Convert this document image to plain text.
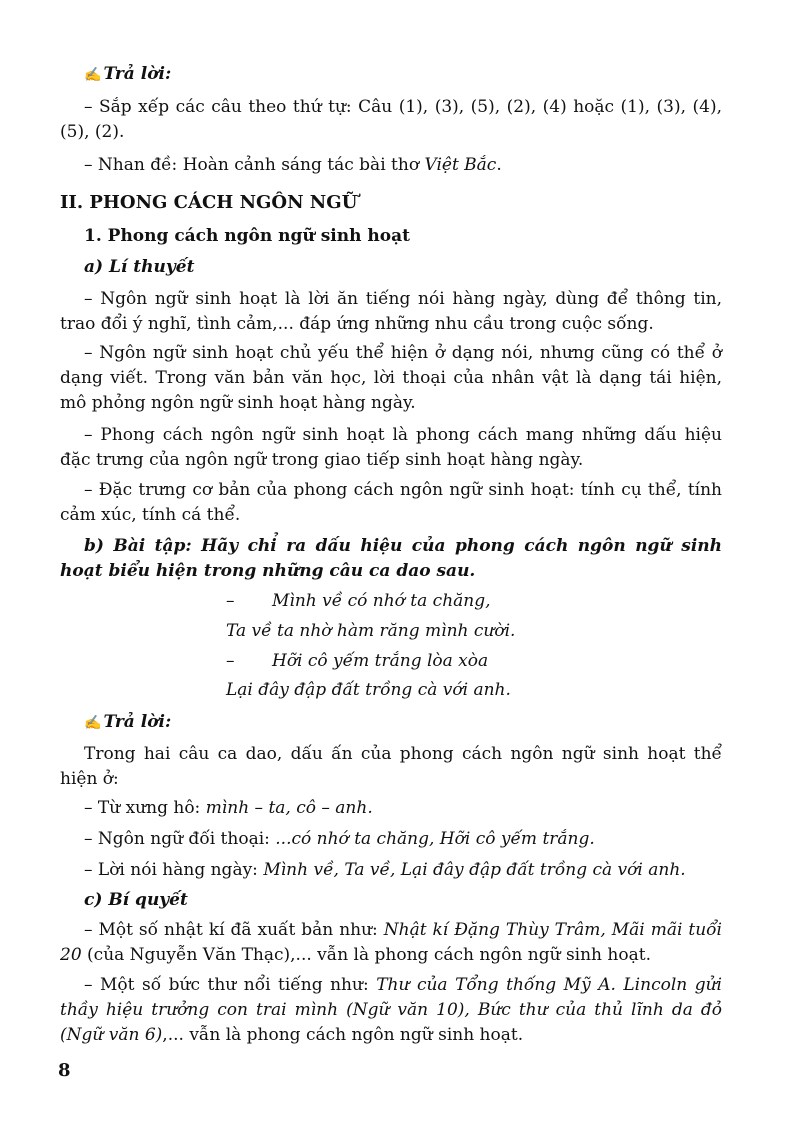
✍ Trả lời:
– Sắp xếp các câu theo thứ tự: Câu (1), (3), (5), (2), (4) hoặc (1), (3), (4), (5), (2).
– Nhan đề: Hoàn cảnh sáng tác bài thơ Việt Bắc.
II. PHONG CÁCH NGÔN NGỮ
1. Phong cách ngôn ngữ sinh hoạt
a) Lí thuyết
– Ngôn ngữ sinh hoạt là lời ăn tiếng nói hàng ngày, dùng để thông tin, trao đổi ý nghĩ, tình cảm,... đáp ứng những nhu cầu trong cuộc sống.
– Ngôn ngữ sinh hoạt chủ yếu thể hiện ở dạng nói, nhưng cũng có thể ở dạng viết. Trong văn bản văn học, lời thoại của nhân vật là dạng tái hiện, mô phỏng ngôn ngữ sinh hoạt hàng ngày.
– Phong cách ngôn ngữ sinh hoạt là phong cách mang những dấu hiệu đặc trưng của ngôn ngữ trong giao tiếp sinh hoạt hàng ngày.
– Đặc trưng cơ bản của phong cách ngôn ngữ sinh hoạt: tính cụ thể, tính cảm xúc, tính cá thể.
b) Bài tập: Hãy chỉ ra dấu hiệu của phong cách ngôn ngữ sinh hoạt biểu hiện trong những câu ca dao sau.
– Mình về có nhớ ta chăng,
Ta về ta nhờ hàm răng mình cười.
– Hỡi cô yếm trắng lòa xòa
Lại đây đập đất trồng cà với anh.
✍ Trả lời:
Trong hai câu ca dao, dấu ấn của phong cách ngôn ngữ sinh hoạt thể hiện ở:
– Từ xưng hô: mình – ta, cô – anh.
– Ngôn ngữ đối thoại: ...có nhớ ta chăng, Hỡi cô yếm trắng.
– Lời nói hàng ngày: Mình về, Ta về, Lại đây đập đất trồng cà với anh.
c) Bí quyết
– Một số nhật kí đã xuất bản như: Nhật kí Đặng Thùy Trâm, Mãi mãi tuổi 20 (của Nguyễn Văn Thạc),... vẫn là phong cách ngôn ngữ sinh hoạt.
– Một số bức thư nổi tiếng như: Thư của Tổng thống Mỹ A. Lincoln gửi thầy hiệu trưởng con trai mình (Ngữ văn 10), Bức thư của thủ lĩnh da đỏ (Ngữ văn 6),... vẫn là phong cách ngôn ngữ sinh hoạt.
8
